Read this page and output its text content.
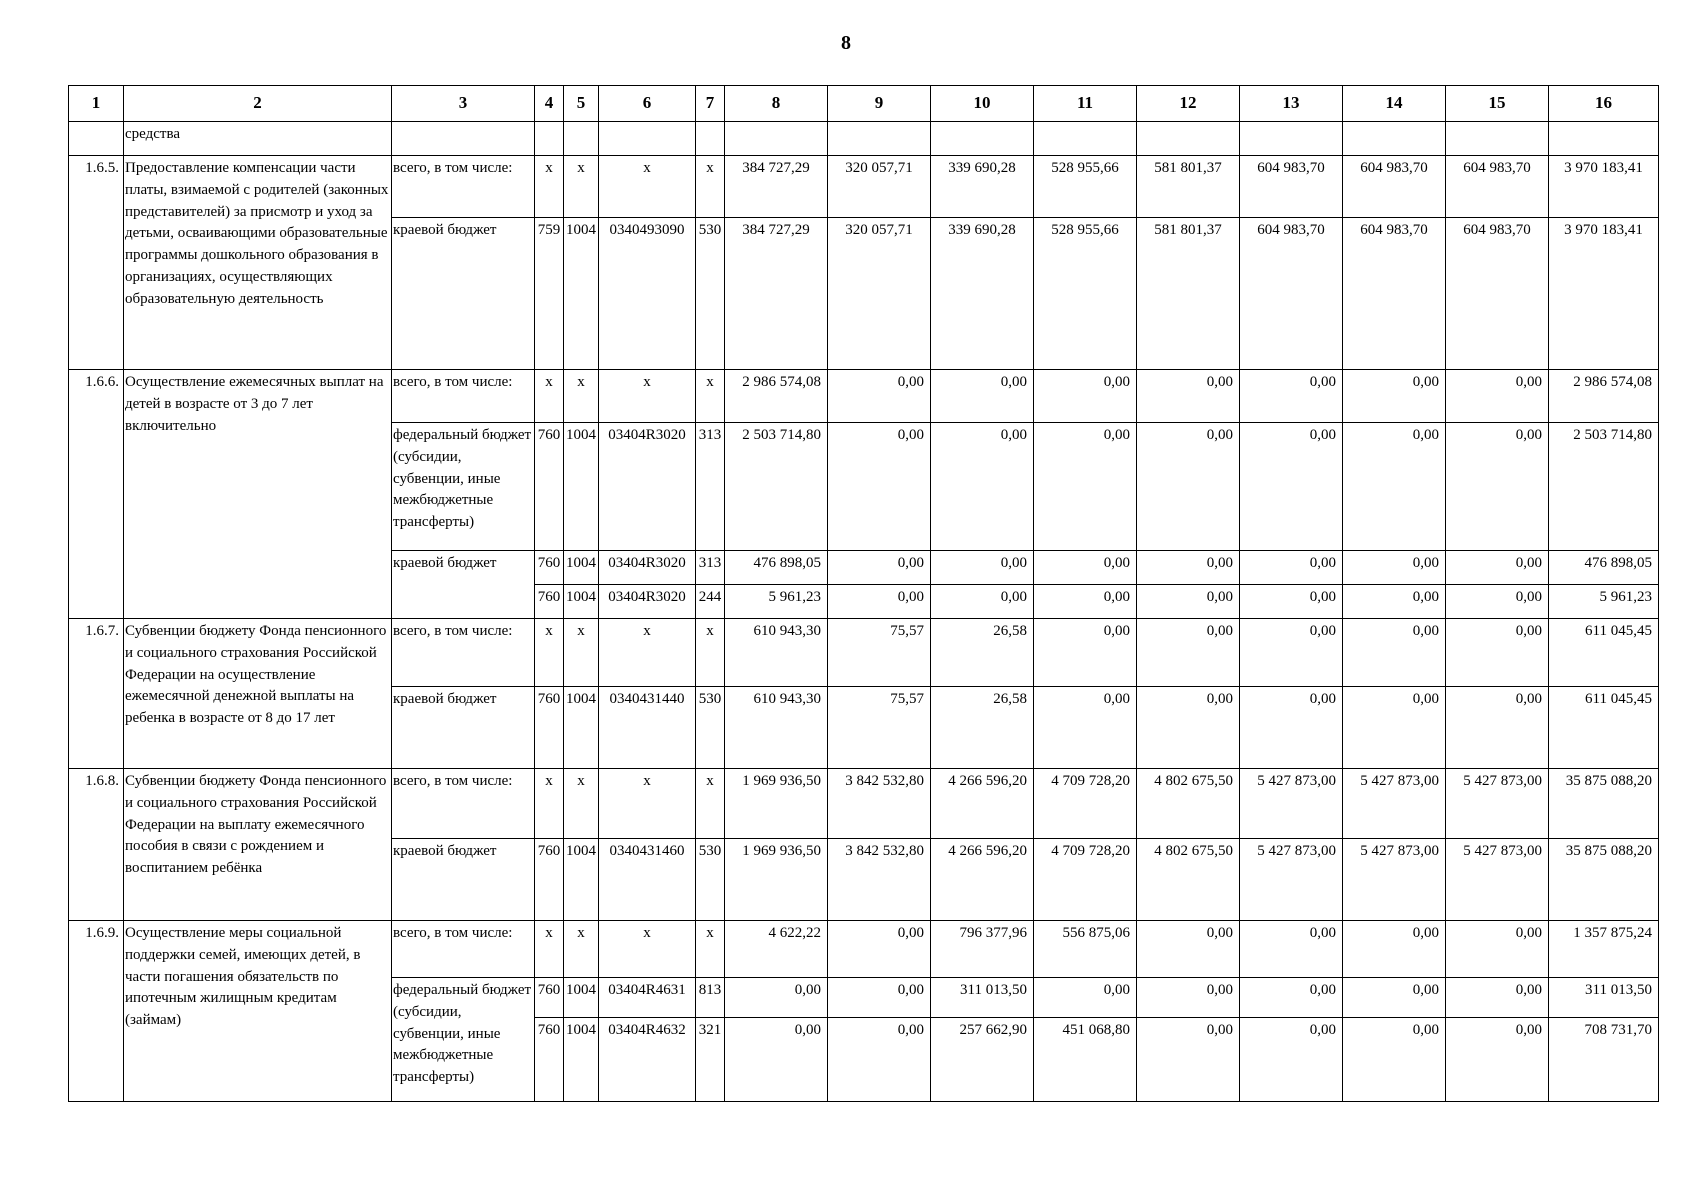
8
1	2	3	4	5	6	7	8	9	10	11	12	13	14	15	16
	средства														
1.6.5.	Предоставление компенсации части платы, взимаемой с родителей (законных представителей) за присмотр и уход за детьми, осваивающими образовательные программы дошкольного образования в организациях, осуществляющих образовательную деятельность	всего, в том числе:	х	х	х	х	384 727,29	320 057,71	339 690,28	528 955,66	581 801,37	604 983,70	604 983,70	604 983,70	3 970 183,41
		краевой бюджет	759	1004	0340493090	530	384 727,29	320 057,71	339 690,28	528 955,66	581 801,37	604 983,70	604 983,70	604 983,70	3 970 183,41
1.6.6.	Осуществление ежемесячных выплат на детей в возрасте от 3 до 7 лет включительно	всего, в том числе:	х	х	х	х	2 986 574,08	0,00	0,00	0,00	0,00	0,00	0,00	0,00	2 986 574,08
		федеральный бюджет (субсидии, субвенции, иные межбюджетные трансферты)	760	1004	03404R3020	313	2 503 714,80	0,00	0,00	0,00	0,00	0,00	0,00	0,00	2 503 714,80
		краевой бюджет	760	1004	03404R3020	313	476 898,05	0,00	0,00	0,00	0,00	0,00	0,00	0,00	476 898,05
			760	1004	03404R3020	244	5 961,23	0,00	0,00	0,00	0,00	0,00	0,00	0,00	5 961,23
1.6.7.	Субвенции бюджету Фонда пенсионного и социального страхования Российской Федерации на осуществление ежемесячной денежной выплаты на ребенка в возрасте от 8 до 17 лет	всего, в том числе:	х	х	х	х	610 943,30	75,57	26,58	0,00	0,00	0,00	0,00	0,00	611 045,45
		краевой бюджет	760	1004	0340431440	530	610 943,30	75,57	26,58	0,00	0,00	0,00	0,00	0,00	611 045,45
1.6.8.	Субвенции бюджету Фонда пенсионного и социального страхования Российской Федерации на выплату ежемесячного пособия в связи с рождением и воспитанием ребёнка	всего, в том числе:	х	х	х	х	1 969 936,50	3 842 532,80	4 266 596,20	4 709 728,20	4 802 675,50	5 427 873,00	5 427 873,00	5 427 873,00	35 875 088,20
		краевой бюджет	760	1004	0340431460	530	1 969 936,50	3 842 532,80	4 266 596,20	4 709 728,20	4 802 675,50	5 427 873,00	5 427 873,00	5 427 873,00	35 875 088,20
1.6.9.	Осуществление меры социальной поддержки семей, имеющих детей, в части погашения обязательств по ипотечным жилищным кредитам (займам)	всего, в том числе:	х	х	х	х	4 622,22	0,00	796 377,96	556 875,06	0,00	0,00	0,00	0,00	1 357 875,24
		федеральный бюджет (субсидии, субвенции, иные межбюджетные трансферты)	760	1004	03404R4631	813	0,00	0,00	311 013,50	0,00	0,00	0,00	0,00	0,00	311 013,50
			760	1004	03404R4632	321	0,00	0,00	257 662,90	451 068,80	0,00	0,00	0,00	0,00	708 731,70
